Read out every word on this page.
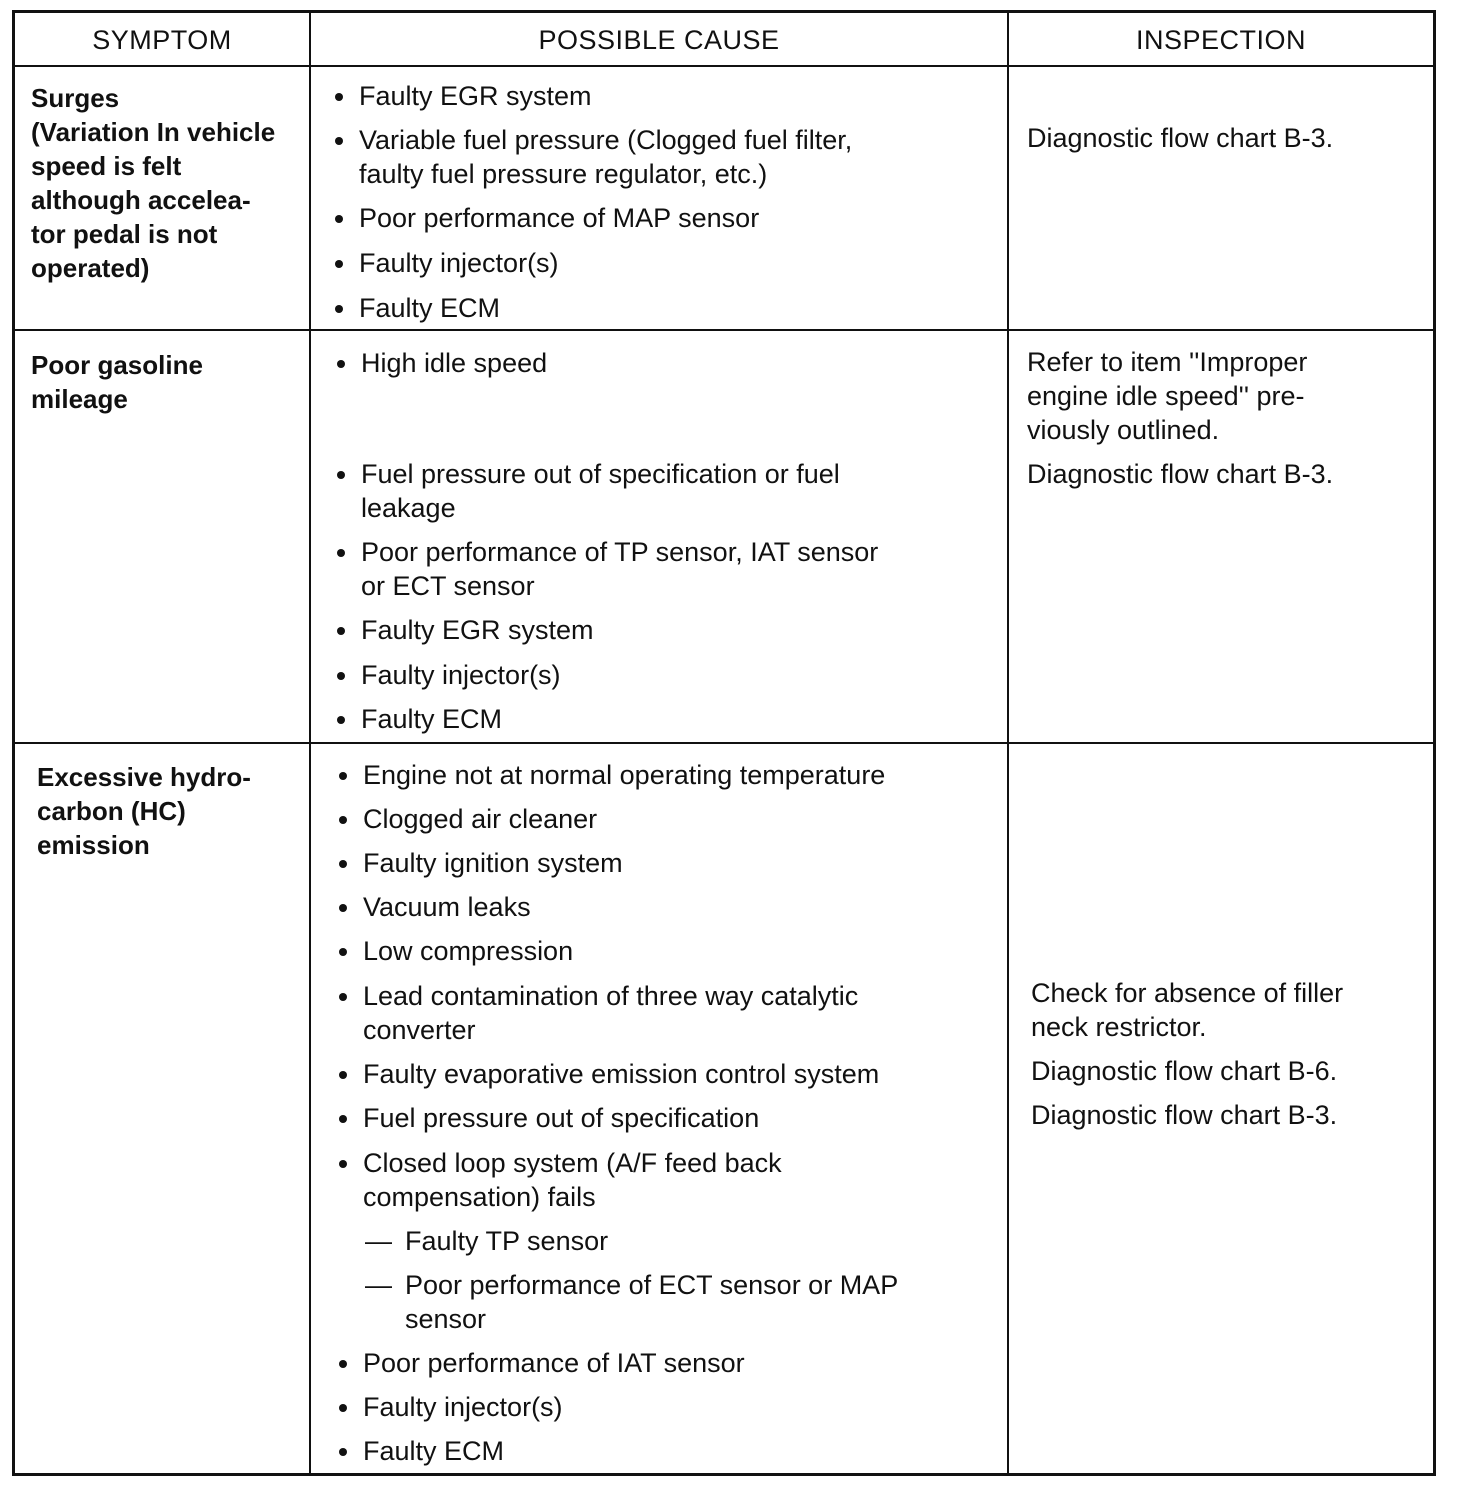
SYMPTOM	POSSIBLE CAUSE	INSPECTION
Surges
(Variation In vehicle
speed is felt
although accelea-
tor pedal is not
operated)
Faulty EGR system
Variable fuel pressure (Clogged fuel filter,
faulty fuel pressure regulator, etc.)
Poor performance of MAP sensor
Faulty injector(s)
Faulty ECM
Diagnostic flow chart B-3.
Poor gasoline
mileage
High idle speed
Fuel pressure out of specification or fuel
leakage
Poor performance of TP sensor, IAT sensor
or ECT sensor
Faulty EGR system
Faulty injector(s)
Faulty ECM
Refer to item ''Improper
engine idle speed'' pre-
viously outlined.
Diagnostic flow chart B-3.
Excessive hydro-
carbon (HC)
emission
Engine not at normal operating temperature
Clogged air cleaner
Faulty ignition system
Vacuum leaks
Low compression
Lead contamination of three way catalytic
converter
Faulty evaporative emission control system
Fuel pressure out of specification
Closed loop system (A/F feed back
compensation) fails
— Faulty TP sensor
— Poor performance of ECT sensor or MAP
sensor
Poor performance of IAT sensor
Faulty injector(s)
Faulty ECM
Check for absence of filler
neck restrictor.
Diagnostic flow chart B-6.
Diagnostic flow chart B-3.
